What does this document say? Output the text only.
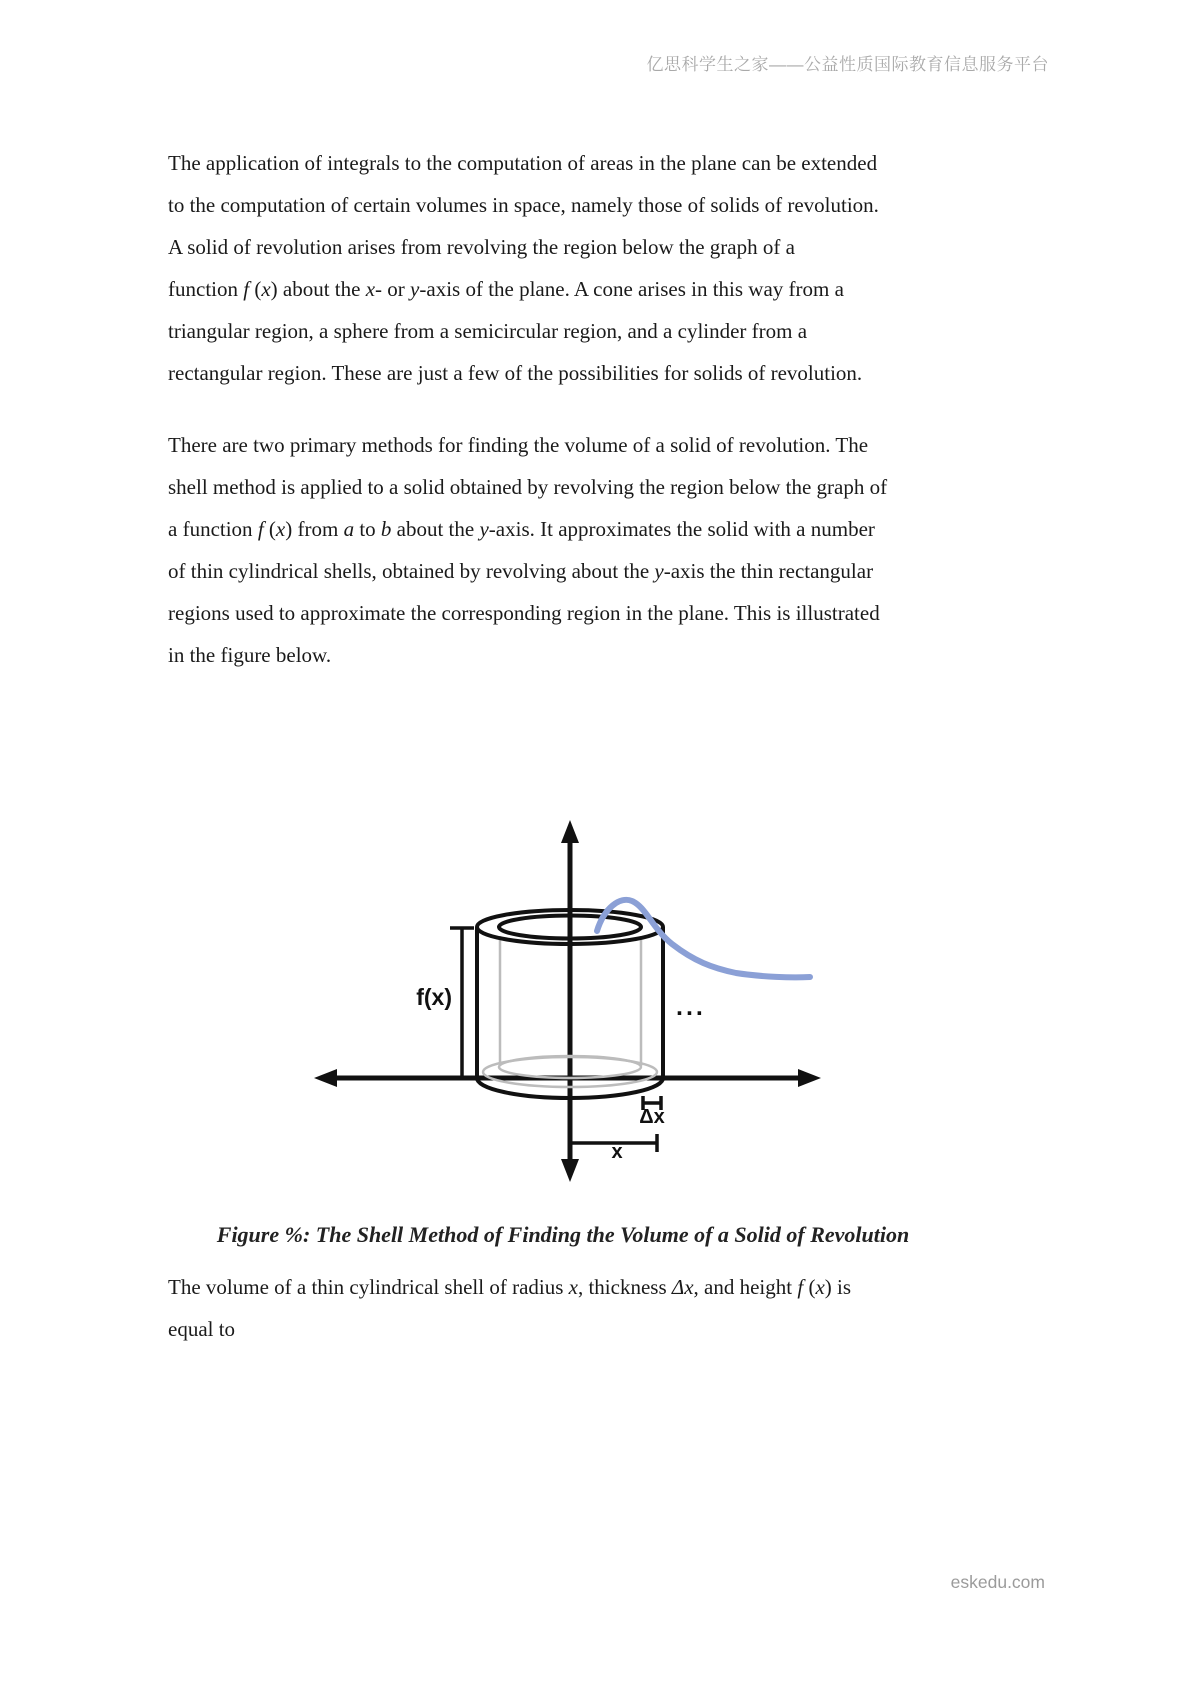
亿思科学生之家——公益性质国际教育信息服务平台
The application of integrals to the computation of areas in the plane can be extended
to the computation of certain volumes in space, namely those of solids of revolution.
A solid of revolution arises from revolving the region below the graph of a
function f (x) about the x- or y-axis of the plane. A cone arises in this way from a
triangular region, a sphere from a semicircular region, and a cylinder from a
rectangular region. These are just a few of the possibilities for solids of revolution.
There are two primary methods for finding the volume of a solid of revolution. The
shell method is applied to a solid obtained by revolving the region below the graph of
a function f (x) from a to b about the y-axis. It approximates the solid with a number
of thin cylindrical shells, obtained by revolving about the y-axis the thin rectangular
regions used to approximate the corresponding region in the plane. This is illustrated
in the figure below.
f(x)	...
Δx
x
Figure %: The Shell Method of Finding the Volume of a Solid of Revolution
The volume of a thin cylindrical shell of radius x, thickness Δx, and height f (x) is
equal to
eskedu.com
